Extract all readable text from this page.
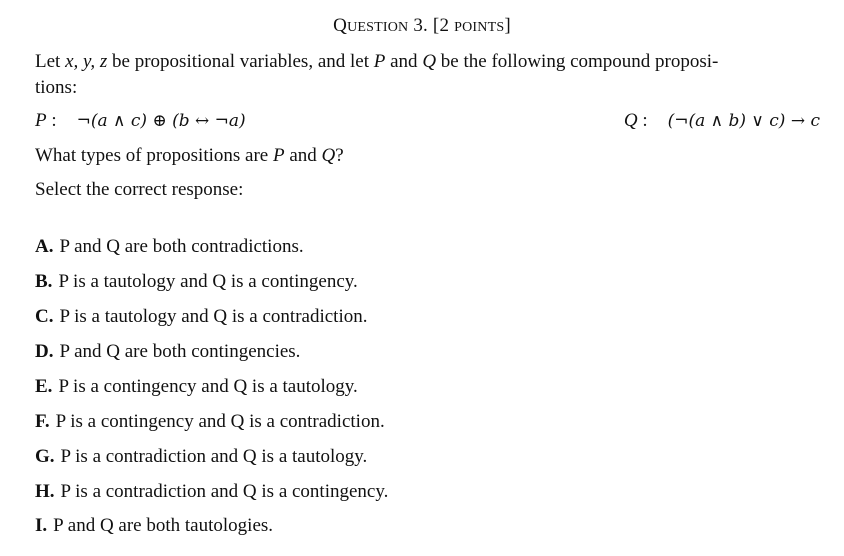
QUESTION 3. [2 POINTS]
Let x, y, z be propositional variables, and let P and Q be the following compound proposi-
tions:
P : ¬(a ∧ c) ⊕ (b ↔ ¬a)	Q : (¬(a ∧ b) ∨ c) → c
What types of propositions are P and Q?
Select the correct response:
A. P and Q are both contradictions.
B. P is a tautology and Q is a contingency.
C. P is a tautology and Q is a contradiction.
D. P and Q are both contingencies.
E. P is a contingency and Q is a tautology.
F. P is a contingency and Q is a contradiction.
G. P is a contradiction and Q is a tautology.
H. P is a contradiction and Q is a contingency.
I. P and Q are both tautologies.
